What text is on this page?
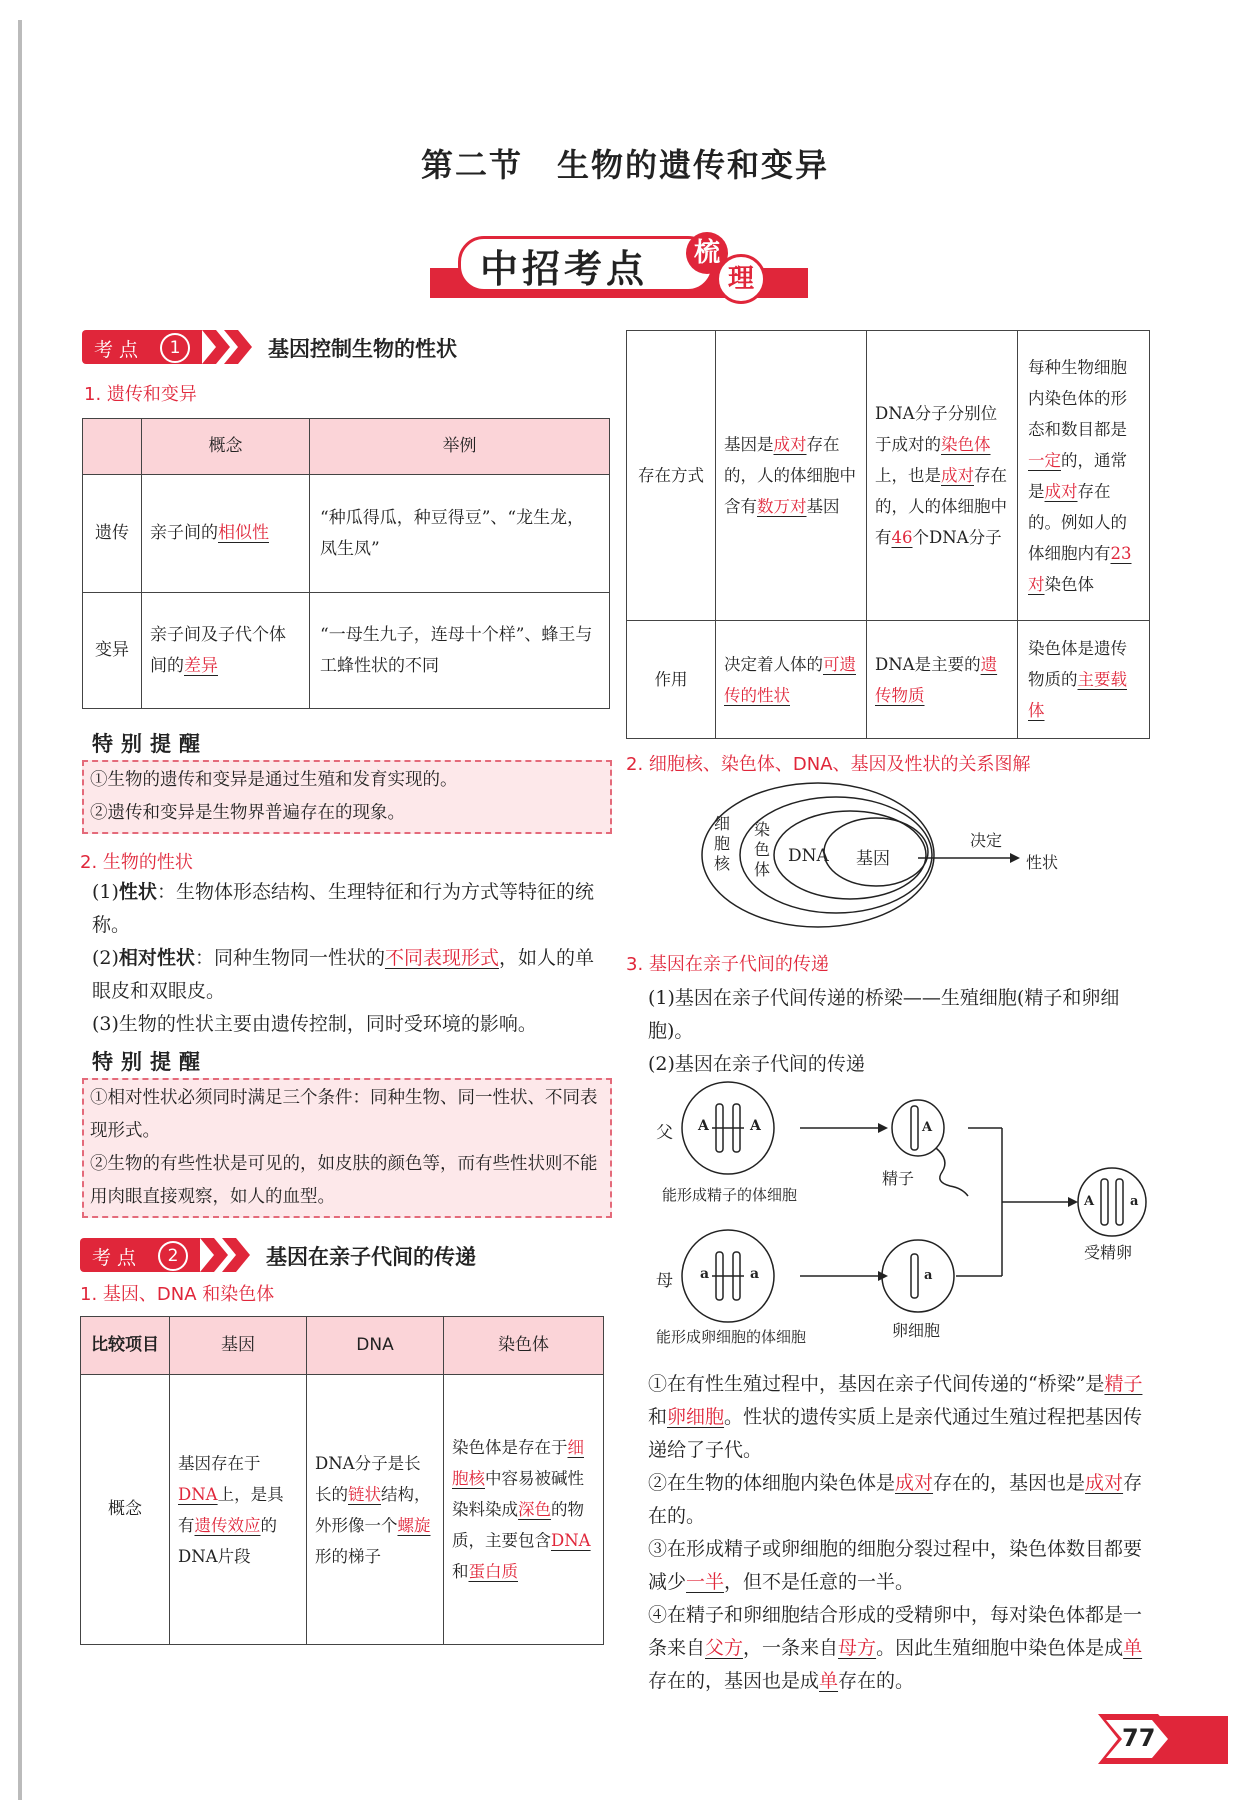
第二节　生物的遗传和变异
中招考点	梳
理
考 点	1	基因控制生物的性状
1. 遗传和变异
	概念	举例
遗传	亲子间的相似性	“种瓜得瓜，种豆得豆”、“龙生龙，凤生凤”
变异	亲子间及子代个体间的差异	“一母生九子，连母十个样”、蜂王与工蜂性状的不同
特别提醒
①生物的遗传和变异是通过生殖和发育实现的。
②遗传和变异是生物界普遍存在的现象。
2. 生物的性状
(1)性状：生物体形态结构、生理特征和行为方式等特征的统称。
(2)相对性状：同种生物同一性状的不同表现形式，如人的单眼皮和双眼皮。
(3)生物的性状主要由遗传控制，同时受环境的影响。
特别提醒
①相对性状必须同时满足三个条件：同种生物、同一性状、不同表现形式。
②生物的有些性状是可见的，如皮肤的颜色等，而有些性状则不能用肉眼直接观察，如人的血型。
考 点	2	基因在亲子代间的传递
1. 基因、DNA 和染色体
比较项目	基因	DNA	染色体
概念	基因存在于DNA上，是具有遗传效应的DNA片段	DNA分子是长长的链状结构，外形像一个螺旋形的梯子	染色体是存在于细胞核中容易被碱性染料染成深色的物质，主要包含DNA和蛋白质
存在方式	基因是成对存在的，人的体细胞中含有数万对基因	DNA分子分别位于成对的染色体上，也是成对存在的，人的体细胞中有46个DNA分子	每种生物细胞内染色体的形态和数目都是一定的，通常是成对存在的。例如人的体细胞内有23对染色体
作用	决定着人体的可遗传的性状	DNA是主要的遗传物质	染色体是遗传物质的主要载体
2. 细胞核、染色体、DNA、基因及性状的关系图解
细胞核
染色体
DNA 基因
决定
性状
3. 基因在亲子代间的传递
(1)基因在亲子代间传递的桥梁——生殖细胞(精子和卵细胞)。
(2)基因在亲子代间的传递
父 A	A
能形成精子的体细胞
A
精子
母 a	a
能形成卵细胞的体细胞
a
卵细胞
A	a
受精卵
①在有性生殖过程中，基因在亲子代间传递的“桥梁”是精子和卵细胞。性状的遗传实质上是亲代通过生殖过程把基因传递给了子代。
②在生物的体细胞内染色体是成对存在的，基因也是成对存在的。
③在形成精子或卵细胞的细胞分裂过程中，染色体数目都要减少一半，但不是任意的一半。
④在精子和卵细胞结合形成的受精卵中，每对染色体都是一条来自父方，一条来自母方。因此生殖细胞中染色体是成单存在的，基因也是成单存在的。
77
